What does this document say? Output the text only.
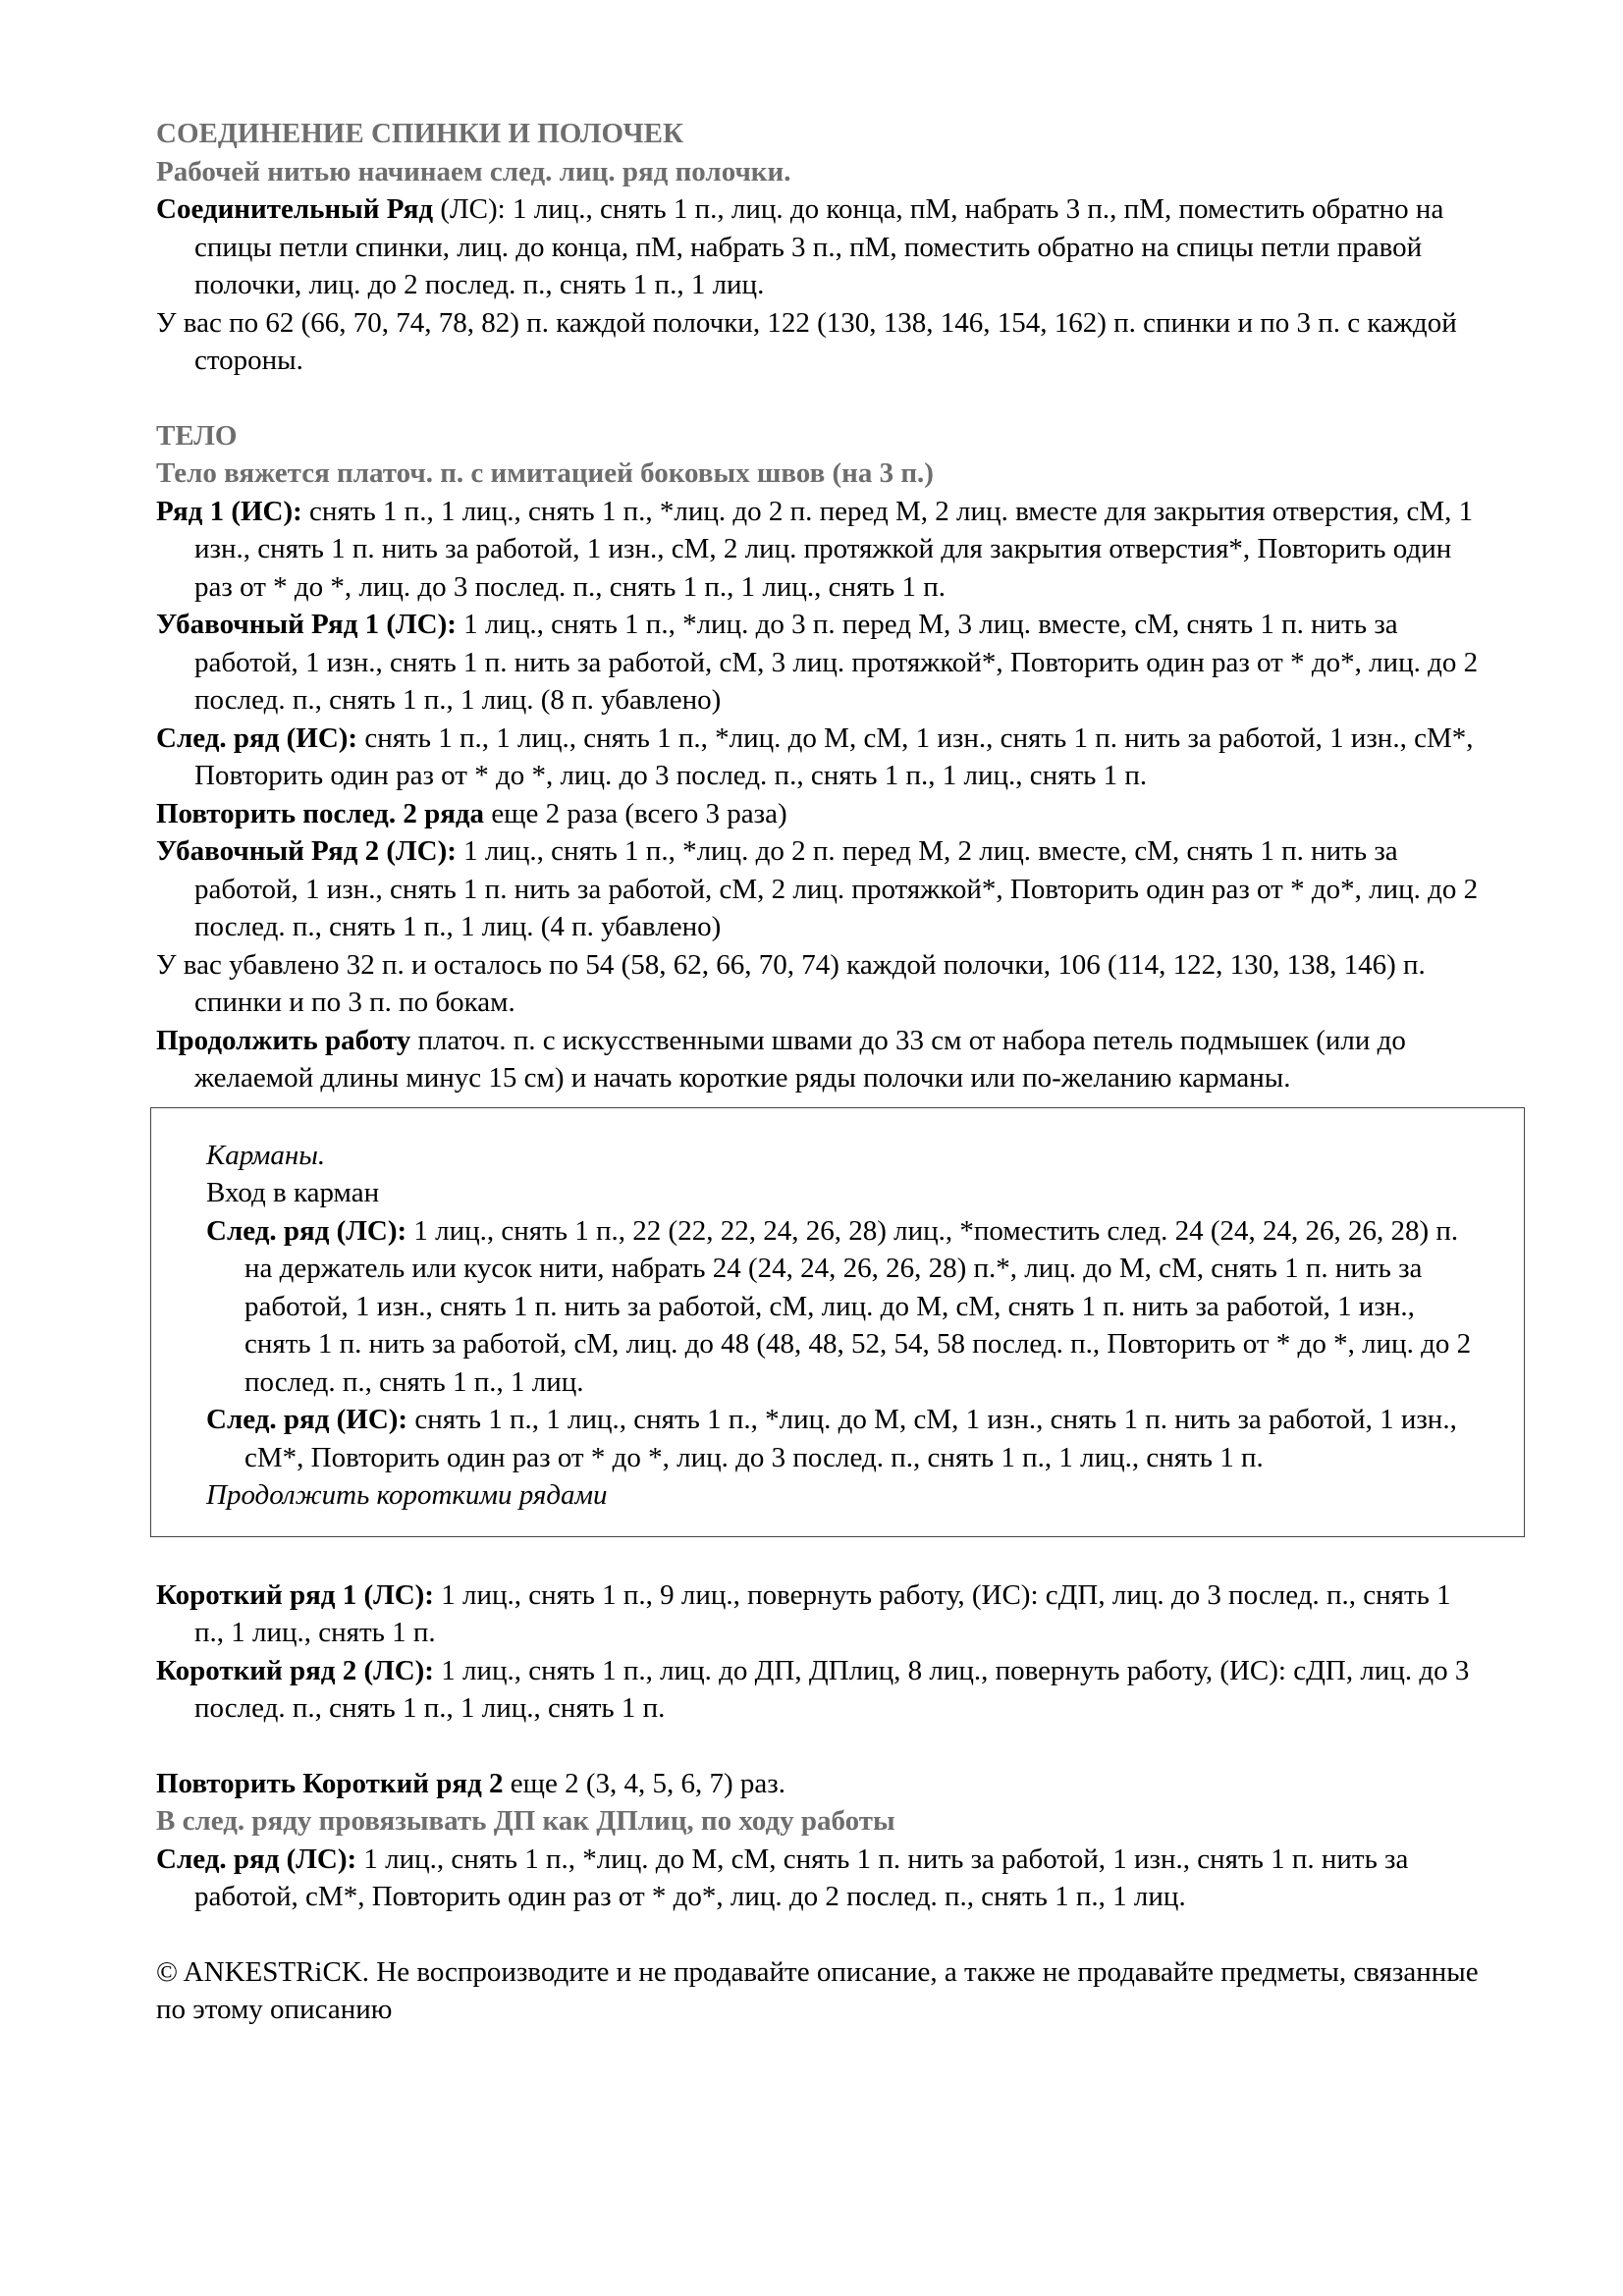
СОЕДИНЕНИЕ СПИНКИ И ПОЛОЧЕК

Рабочей нитью начинаем след. лиц. ряд полочки.

Соединительный Ряд (ЛС): 1 лиц., снять 1 п., лиц. до конца, пМ, набрать 3 п., пМ, поместить обратно на спицы петли спинки, лиц. до конца, пМ, набрать 3 п., пМ, поместить обратно на спицы петли правой полочки, лиц. до 2 послед. п., снять 1 п., 1 лиц.

У вас по 62 (66, 70, 74, 78, 82) п. каждой полочки, 122 (130, 138, 146, 154, 162) п. спинки и по 3 п. с каждой стороны.

ТЕЛО

Тело вяжется платоч. п. с имитацией боковых швов (на 3 п.)

Ряд 1 (ИС): снять 1 п., 1 лиц., снять 1 п., *лиц. до 2 п. перед М, 2 лиц. вместе для закрытия отверстия, сМ, 1 изн., снять 1 п. нить за работой, 1 изн., сМ, 2 лиц. протяжкой для закрытия отверстия*, Повторить один раз от * до *, лиц. до 3 послед. п., снять 1 п., 1 лиц., снять 1 п.

Убавочный Ряд 1 (ЛС): 1 лиц., снять 1 п., *лиц. до 3 п. перед М, 3 лиц. вместе, сМ, снять 1 п. нить за работой, 1 изн., снять 1 п. нить за работой, сМ, 3 лиц. протяжкой*, Повторить один раз от * до*, лиц. до 2 послед. п., снять 1 п., 1 лиц. (8 п. убавлено)

След. ряд (ИС): снять 1 п., 1 лиц., снять 1 п., *лиц. до М, сМ, 1 изн., снять 1 п. нить за работой, 1 изн., сМ*, Повторить один раз от * до *, лиц. до 3 послед. п., снять 1 п., 1 лиц., снять 1 п.

Повторить послед. 2 ряда еще 2 раза (всего 3 раза)

Убавочный Ряд 2 (ЛС): 1 лиц., снять 1 п., *лиц. до 2 п. перед М, 2 лиц. вместе, сМ, снять 1 п. нить за работой, 1 изн., снять 1 п. нить за работой, сМ, 2 лиц. протяжкой*, Повторить один раз от * до*, лиц. до 2 послед. п., снять 1 п., 1 лиц. (4 п. убавлено)

У вас убавлено 32 п. и осталось по 54 (58, 62, 66, 70, 74) каждой полочки, 106 (114, 122, 130, 138, 146) п. спинки и по 3 п. по бокам.

Продолжить работу платоч. п. с искусственными швами до 33 см от набора петель подмышек (или до желаемой длины минус 15 см) и начать короткие ряды полочки или по-желанию карманы.

Карманы.

Вход в карман

След. ряд (ЛС): 1 лиц., снять 1 п., 22 (22, 22, 24, 26, 28) лиц., *поместить след. 24 (24, 24, 26, 26, 28) п. на держатель или кусок нити, набрать 24 (24, 24, 26, 26, 28) п.*, лиц. до М, сМ, снять 1 п. нить за работой, 1 изн., снять 1 п. нить за работой, сМ, лиц. до М, сМ, снять 1 п. нить за работой, 1 изн., снять 1 п. нить за работой, сМ, лиц. до 48 (48, 48, 52, 54, 58 послед. п., Повторить от * до *, лиц. до 2 послед. п., снять 1 п., 1 лиц.

След. ряд (ИС): снять 1 п., 1 лиц., снять 1 п., *лиц. до М, сМ, 1 изн., снять 1 п. нить за работой, 1 изн., сМ*, Повторить один раз от * до *, лиц. до 3 послед. п., снять 1 п., 1 лиц., снять 1 п.

Продолжить короткими рядами

Короткий ряд 1 (ЛС): 1 лиц., снять 1 п., 9 лиц., повернуть работу, (ИС): сДП, лиц. до 3 послед. п., снять 1 п., 1 лиц., снять 1 п.

Короткий ряд 2 (ЛС): 1 лиц., снять 1 п., лиц. до ДП, ДПлиц, 8 лиц., повернуть работу, (ИС): сДП, лиц. до 3 послед. п., снять 1 п., 1 лиц., снять 1 п.

Повторить Короткий ряд 2 еще 2 (3, 4, 5, 6, 7) раз.

В след. ряду провязывать ДП как ДПлиц, по ходу работы

След. ряд (ЛС): 1 лиц., снять 1 п., *лиц. до М, сМ, снять 1 п. нить за работой, 1 изн., снять 1 п. нить за работой, сМ*, Повторить один раз от * до*, лиц. до 2 послед. п., снять 1 п., 1 лиц.

© ANKESTRiCK. Не воспроизводите и не продавайте описание, а также не продавайте предметы, связанные по этому описанию
